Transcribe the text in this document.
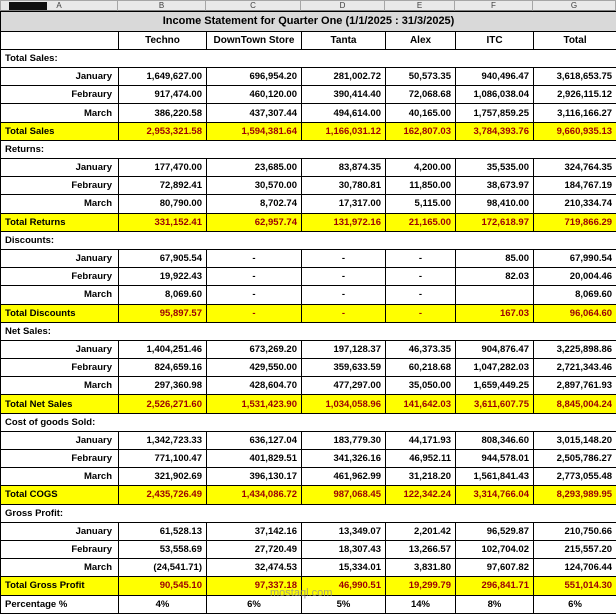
A	B	C	D	E	F	G
Income Statement for Quarter One (1/1/2025 : 31/3/2025)						
	Techno	DownTown Store	Tanta	Alex	ITC	Total
Total Sales:						
January	1,649,627.00	696,954.20	281,002.72	50,573.35	940,496.47	3,618,653.75
Febraury	917,474.00	460,120.00	390,414.40	72,068.68	1,086,038.04	2,926,115.12
March	386,220.58	437,307.44	494,614.00	40,165.00	1,757,859.25	3,116,166.27
Total Sales	2,953,321.58	1,594,381.64	1,166,031.12	162,807.03	3,784,393.76	9,660,935.13
Returns:						
January	177,470.00	23,685.00	83,874.35	4,200.00	35,535.00	324,764.35
Febraury	72,892.41	30,570.00	30,780.81	11,850.00	38,673.97	184,767.19
March	80,790.00	8,702.74	17,317.00	5,115.00	98,410.00	210,334.74
Total Returns	331,152.41	62,957.74	131,972.16	21,165.00	172,618.97	719,866.29
Discounts:						
January	67,905.54	-	-	-	85.00	67,990.54
Febraury	19,922.43	-	-	-	82.03	20,004.46
March	8,069.60	-	-	-		8,069.60
Total Discounts	95,897.57	-	-	-	167.03	96,064.60
Net Sales:						
January	1,404,251.46	673,269.20	197,128.37	46,373.35	904,876.47	3,225,898.86
Febraury	824,659.16	429,550.00	359,633.59	60,218.68	1,047,282.03	2,721,343.46
March	297,360.98	428,604.70	477,297.00	35,050.00	1,659,449.25	2,897,761.93
Total Net Sales	2,526,271.60	1,531,423.90	1,034,058.96	141,642.03	3,611,607.75	8,845,004.24
Cost of goods Sold:						
January	1,342,723.33	636,127.04	183,779.30	44,171.93	808,346.60	3,015,148.20
Febraury	771,100.47	401,829.51	341,326.16	46,952.11	944,578.01	2,505,786.27
March	321,902.69	396,130.17	461,962.99	31,218.20	1,561,841.43	2,773,055.48
Total COGS	2,435,726.49	1,434,086.72	987,068.45	122,342.24	3,314,766.04	8,293,989.95
Gross Profit:						
January	61,528.13	37,142.16	13,349.07	2,201.42	96,529.87	210,750.66
Febraury	53,558.69	27,720.49	18,307.43	13,266.57	102,704.02	215,557.20
March	(24,541.71)	32,474.53	15,334.01	3,831.80	97,607.82	124,706.44
Total Gross Profit	90,545.10	97,337.18	46,990.51	19,299.79	296,841.71	551,014.30
Percentage %	4%	6%	5%	14%	8%	6%
mostaql.com
